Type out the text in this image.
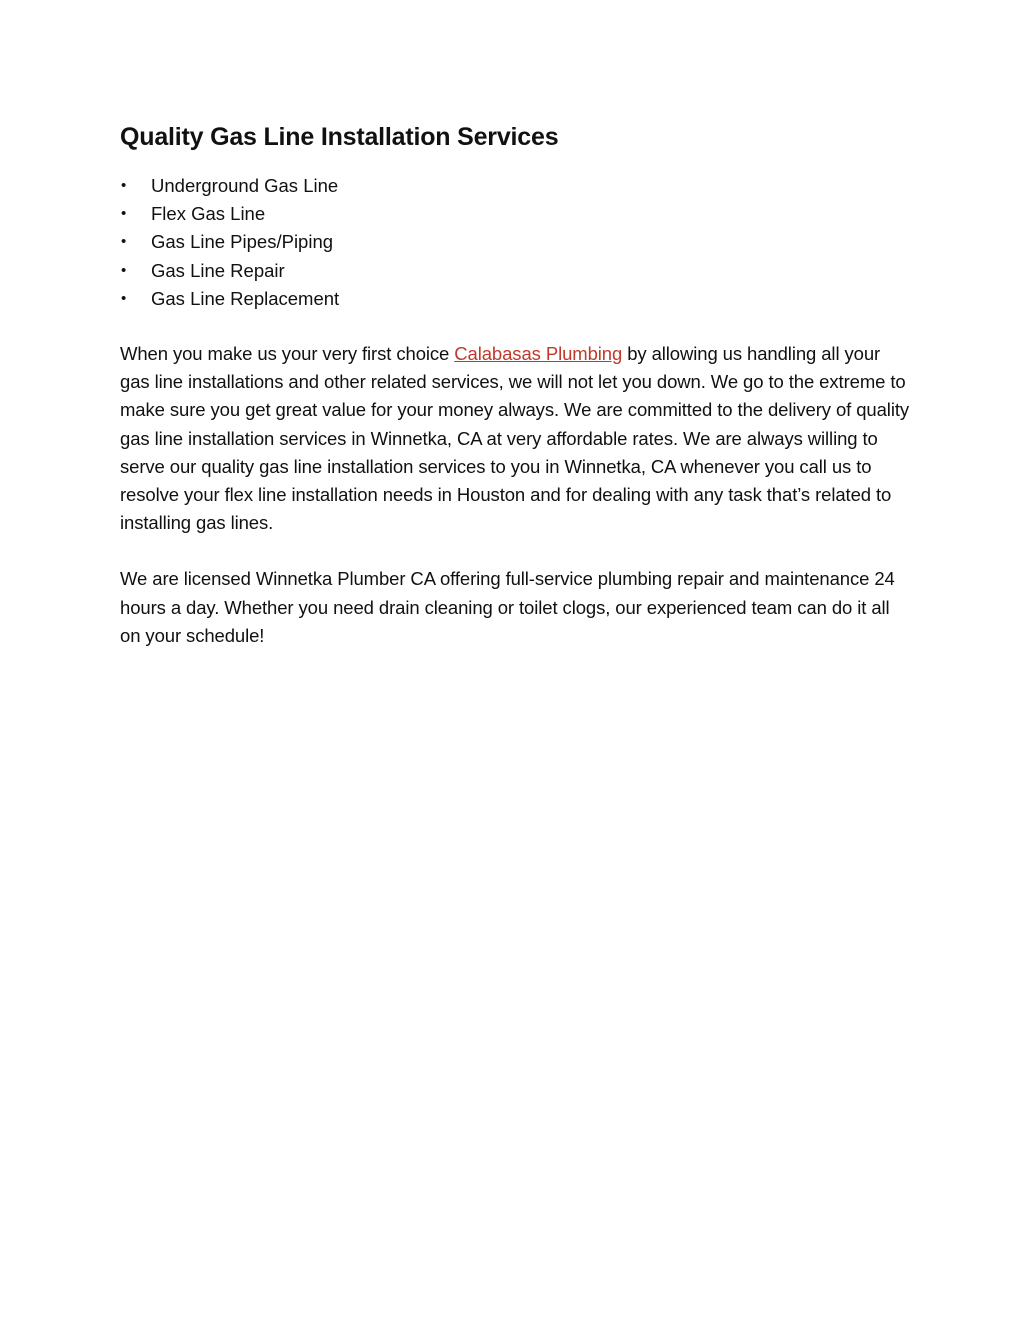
Quality Gas Line Installation Services
• Underground Gas Line
• Flex Gas Line
• Gas Line Pipes/Piping
• Gas Line Repair
• Gas Line Replacement

When you make us your very first choice Calabasas Plumbing by allowing us handling all your gas line installations and other related services, we will not let you down. We go to the extreme to make sure you get great value for your money always. We are committed to the delivery of quality gas line installation services in Winnetka, CA at very affordable rates. We are always willing to serve our quality gas line installation services to you in Winnetka, CA whenever you call us to resolve your flex line installation needs in Houston and for dealing with any task that’s related to installing gas lines.

We are licensed Winnetka Plumber CA offering full-service plumbing repair and maintenance 24 hours a day. Whether you need drain cleaning or toilet clogs, our experienced team can do it all on your schedule!
